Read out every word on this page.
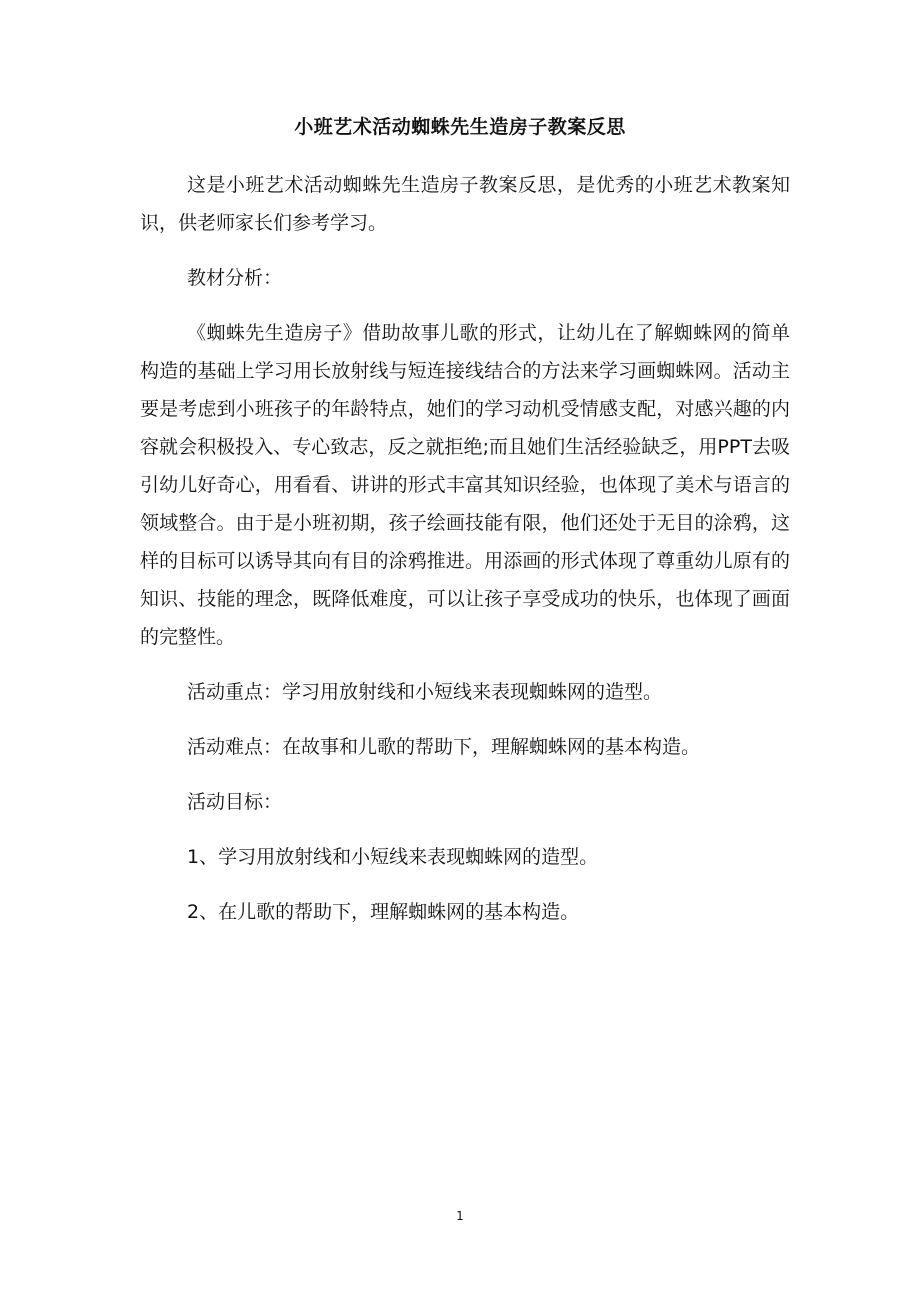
小班艺术活动蜘蛛先生造房子教案反思

这是小班艺术活动蜘蛛先生造房子教案反思，是优秀的小班艺术教案知识，供老师家长们参考学习。

教材分析：

《蜘蛛先生造房子》借助故事儿歌的形式，让幼儿在了解蜘蛛网的简单构造的基础上学习用长放射线与短连接线结合的方法来学习画蜘蛛网。活动主要是考虑到小班孩子的年龄特点，她们的学习动机受情感支配，对感兴趣的内容就会积极投入、专心致志，反之就拒绝;而且她们生活经验缺乏，用PPT去吸引幼儿好奇心，用看看、讲讲的形式丰富其知识经验，也体现了美术与语言的领域整合。由于是小班初期，孩子绘画技能有限，他们还处于无目的涂鸦，这样的目标可以诱导其向有目的涂鸦推进。用添画的形式体现了尊重幼儿原有的知识、技能的理念，既降低难度，可以让孩子享受成功的快乐，也体现了画面的完整性。

活动重点：学习用放射线和小短线来表现蜘蛛网的造型。

活动难点：在故事和儿歌的帮助下，理解蜘蛛网的基本构造。

活动目标：

1、学习用放射线和小短线来表现蜘蛛网的造型。

2、在儿歌的帮助下，理解蜘蛛网的基本构造。

1
